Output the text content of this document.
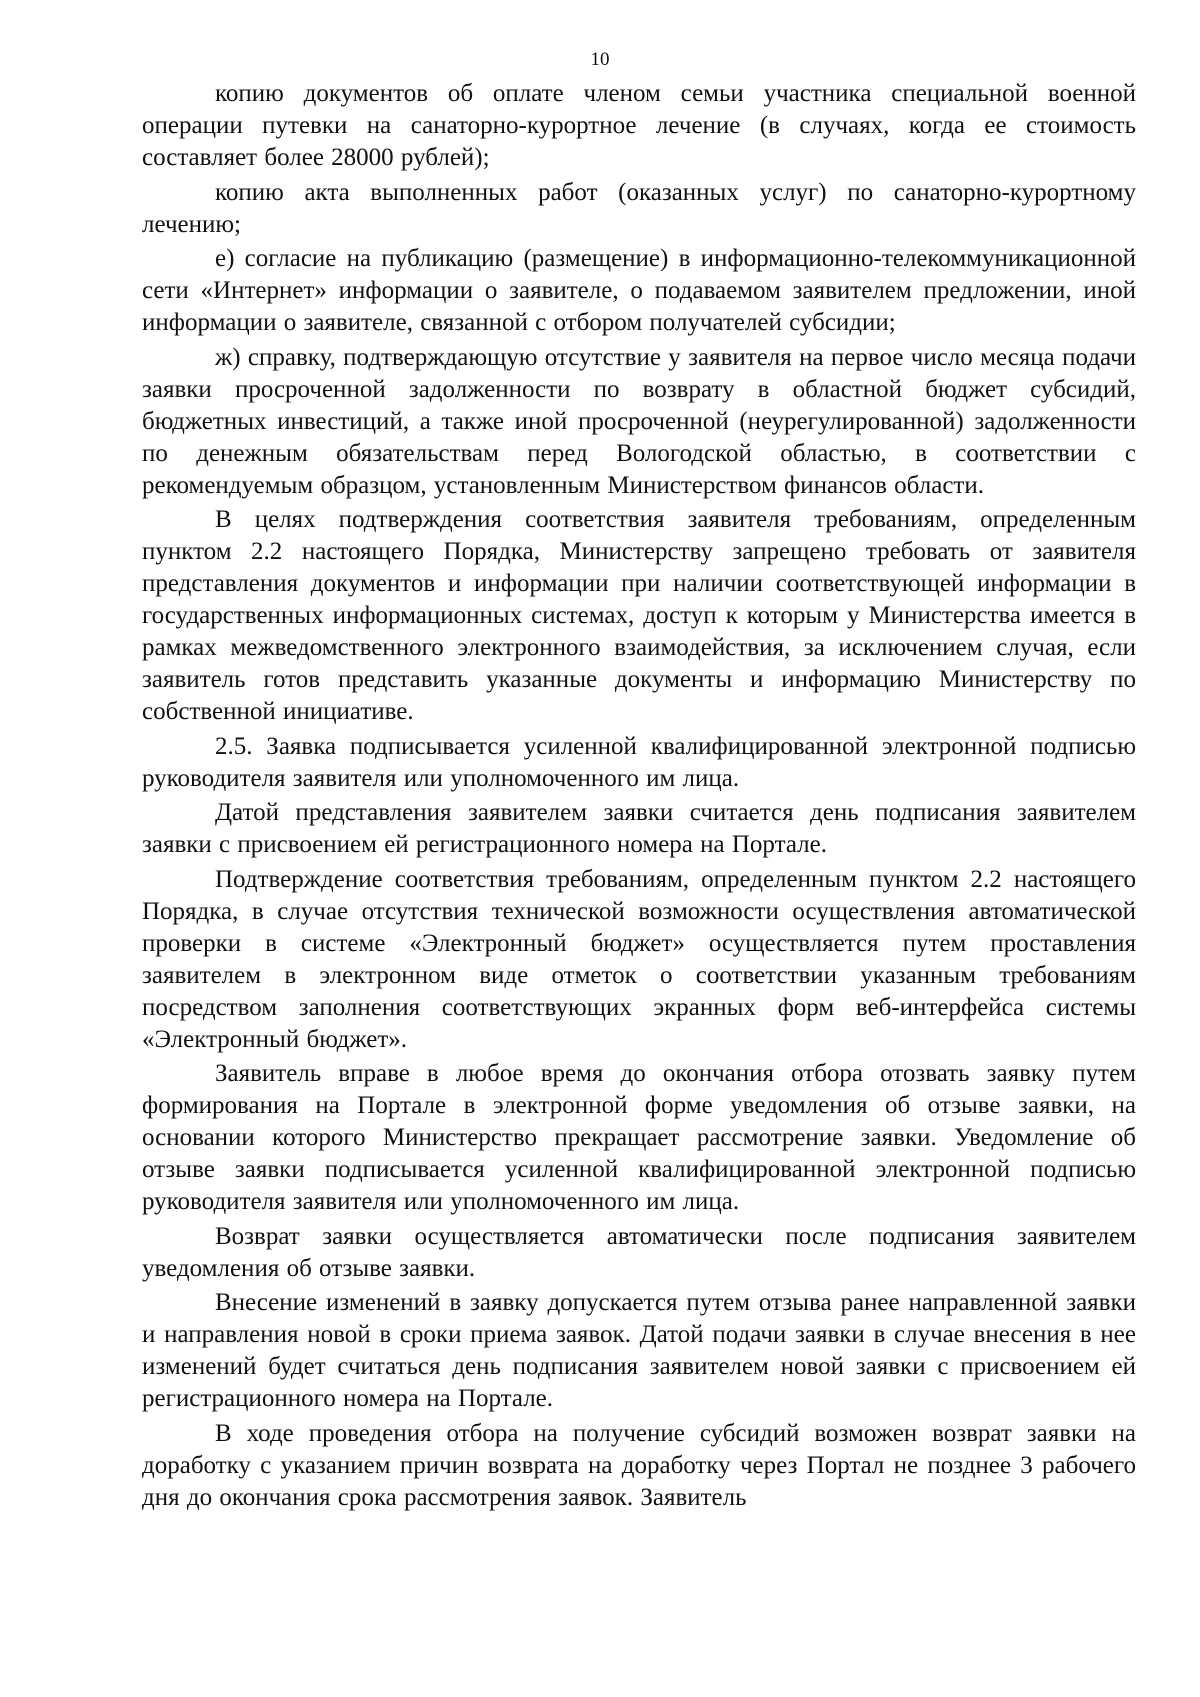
10

копию документов об оплате членом семьи участника специальной военной операции путевки на санаторно-курортное лечение (в случаях, когда ее стоимость составляет более 28000 рублей);

копию акта выполненных работ (оказанных услуг) по санаторно-курортному лечению;

е) согласие на публикацию (размещение) в информационно-телекоммуникационной сети «Интернет» информации о заявителе, о подаваемом заявителем предложении, иной информации о заявителе, связанной с отбором получателей субсидии;

ж) справку, подтверждающую отсутствие у заявителя на первое число месяца подачи заявки просроченной задолженности по возврату в областной бюджет субсидий, бюджетных инвестиций, а также иной просроченной (неурегулированной) задолженности по денежным обязательствам перед Вологодской областью, в соответствии с рекомендуемым образцом, установленным Министерством финансов области.

В целях подтверждения соответствия заявителя требованиям, определенным пунктом 2.2 настоящего Порядка, Министерству запрещено требовать от заявителя представления документов и информации при наличии соответствующей информации в государственных информационных системах, доступ к которым у Министерства имеется в рамках межведомственного электронного взаимодействия, за исключением случая, если заявитель готов представить указанные документы и информацию Министерству по собственной инициативе.

2.5. Заявка подписывается усиленной квалифицированной электронной подписью руководителя заявителя или уполномоченного им лица.

Датой представления заявителем заявки считается день подписания заявителем заявки с присвоением ей регистрационного номера на Портале.

Подтверждение соответствия требованиям, определенным пунктом 2.2 настоящего Порядка, в случае отсутствия технической возможности осуществления автоматической проверки в системе «Электронный бюджет» осуществляется путем проставления заявителем в электронном виде отметок о соответствии указанным требованиям посредством заполнения соответствующих экранных форм веб-интерфейса системы «Электронный бюджет».

Заявитель вправе в любое время до окончания отбора отозвать заявку путем формирования на Портале в электронной форме уведомления об отзыве заявки, на основании которого Министерство прекращает рассмотрение заявки. Уведомление об отзыве заявки подписывается усиленной квалифицированной электронной подписью руководителя заявителя или уполномоченного им лица.

Возврат заявки осуществляется автоматически после подписания заявителем уведомления об отзыве заявки.

Внесение изменений в заявку допускается путем отзыва ранее направленной заявки и направления новой в сроки приема заявок. Датой подачи заявки в случае внесения в нее изменений будет считаться день подписания заявителем новой заявки с присвоением ей регистрационного номера на Портале.

В ходе проведения отбора на получение субсидий возможен возврат заявки на доработку с указанием причин возврата на доработку через Портал не позднее 3 рабочего дня до окончания срока рассмотрения заявок. Заявитель
